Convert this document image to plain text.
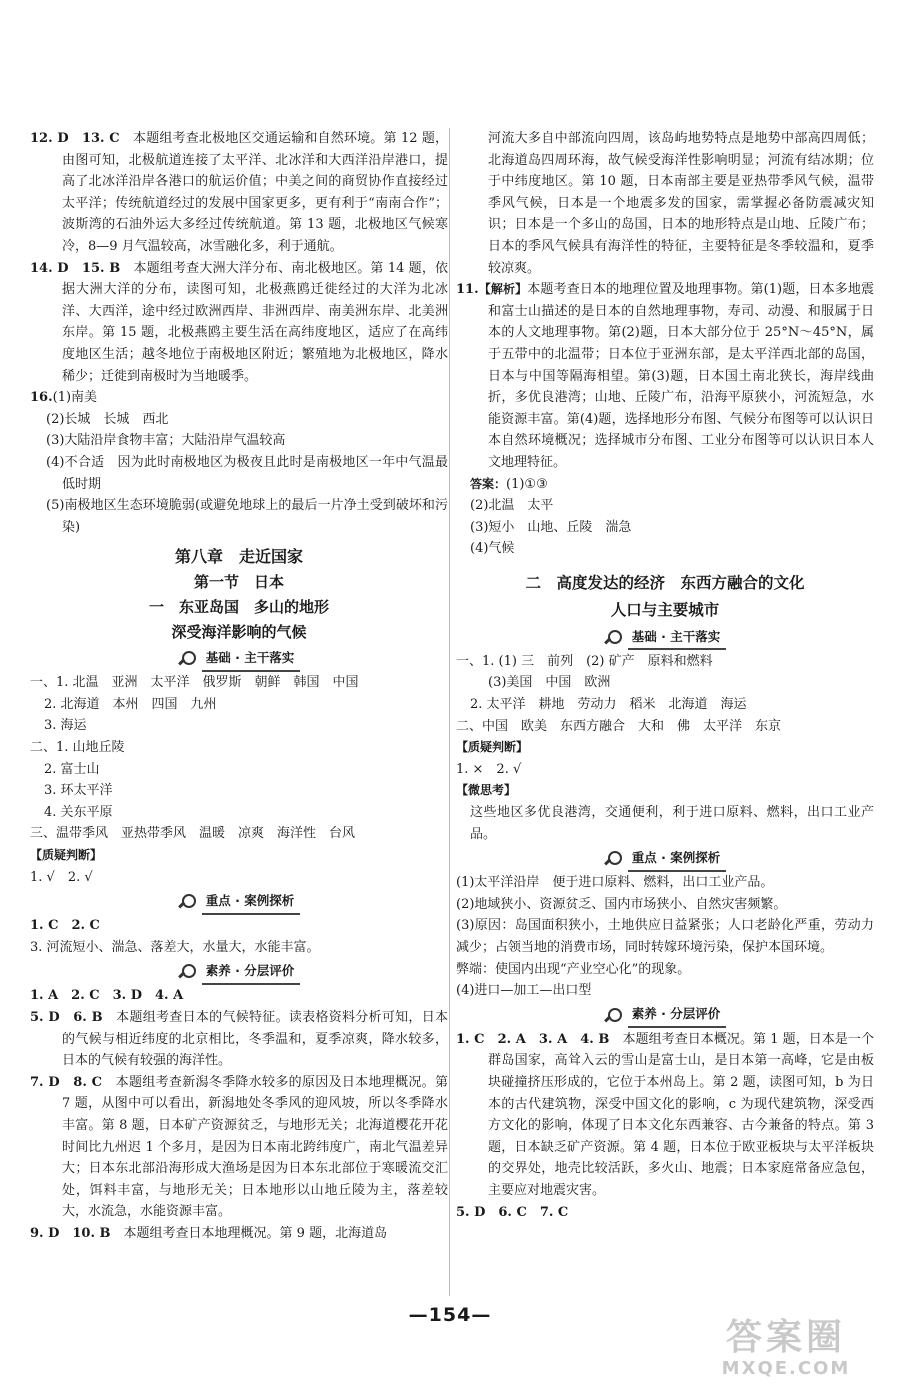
12. D　13. C　 本题组考查北极地区交通运输和自然环境。第 12 题，由图可知，北极航道连接了太平洋、北冰洋和大西洋沿岸港口，提高了北冰洋沿岸各港口的航运价值；中美之间的商贸协作直接经过太平洋；传统航道经过的发展中国家更多，更有利于“南南合作”；波斯湾的石油外运大多经过传统航道。第 13 题，北极地区气候寒冷，8—9 月气温较高，冰雪融化多，利于通航。

14. D　15. B　 本题组考查大洲大洋分布、南北极地区。第 14 题，依据大洲大洋的分布，读图可知，北极燕鸥迁徙经过的大洋为北冰洋、大西洋，途中经过欧洲西岸、非洲西岸、南美洲东岸、北美洲东岸。第 15 题，北极燕鸥主要生活在高纬度地区，适应了在高纬度地区生活；越冬地位于南极地区附近；繁殖地为北极地区，降水稀少；迁徙到南极时为当地暖季。

16.(1)南美

(2)长城　长城　西北

(3)大陆沿岸食物丰富；大陆沿岸气温较高

(4)不合适　因为此时南极地区为极夜且此时是南极地区一年中气温最低时期

(5)南极地区生态环境脆弱(或避免地球上的最后一片净土受到破坏和污染)

第八章　走近国家
第一节　日本
一　东亚岛国　多山的地形
深受海洋影响的气候
基础 · 主干落实

一、1. 北温　亚洲　太平洋　俄罗斯　朝鲜　韩国　中国

2. 北海道　本州　四国　九州

3. 海运

二、1. 山地丘陵

2. 富士山

3. 环太平洋

4. 关东平原

三、温带季风　亚热带季风　温暖　凉爽　海洋性　台风

【质疑判断】

1. √　2. √

重点 · 案例探析

1. C　2. C

3. 河流短小、湍急、落差大，水量大，水能丰富。

素养 · 分层评价

1. A　2. C　3. D　4. A

5. D　6. B　 本题组考查日本的气候特征。读表格资料分析可知，日本的气候与相近纬度的北京相比，冬季温和，夏季凉爽，降水较多，日本的气候有较强的海洋性。

7. D　8. C　 本题组考查新潟冬季降水较多的原因及日本地理概况。第 7 题，从图中可以看出，新潟地处冬季风的迎风坡，所以冬季降水丰富。第 8 题，日本矿产资源贫乏，与地形无关；北海道樱花开花时间比九州迟 1 个多月，是因为日本南北跨纬度广，南北气温差异大；日本东北部沿海形成大渔场是因为日本东北部位于寒暖流交汇处，饵料丰富，与地形无关；日本地形以山地丘陵为主，落差较大，水流急，水能资源丰富。

9. D　10. B　 本题组考查日本地理概况。第 9 题，北海道岛

河流大多自中部流向四周，该岛屿地势特点是地势中部高四周低；北海道岛四周环海，故气候受海洋性影响明显；河流有结冰期；位于中纬度地区。第 10 题，日本南部主要是亚热带季风气候，温带季风气候，日本是一个地震多发的国家，需掌握必备防震减灾知识；日本是一个多山的岛国，日本的地形特点是山地、丘陵广布；日本的季风气候具有海洋性的特征，主要特征是冬季较温和，夏季较凉爽。

11.【解析】本题考查日本的地理位置及地理事物。第(1)题，日本多地震和富士山描述的是日本的自然地理事物，寿司、动漫、和服属于日本的人文地理事物。第(2)题，日本大部分位于 25°N～45°N，属于五带中的北温带；日本位于亚洲东部，是太平洋西北部的岛国，日本与中国等隔海相望。第(3)题，日本国土南北狭长，海岸线曲折，多优良港湾；山地、丘陵广布，沿海平原狭小，河流短急，水能资源丰富。第(4)题，选择地形分布图、气候分布图等可以认识日本自然环境概况；选择城市分布图、工业分布图等可以认识日本人文地理特征。

答案：(1)①③

(2)北温　太平

(3)短小　山地、丘陵　湍急

(4)气候

二　高度发达的经济　东西方融合的文化
人口与主要城市
基础 · 主干落实

一、1. (1) 三　前列　(2) 矿产　原料和燃料

(3)美国　中国　欧洲

2. 太平洋　耕地　劳动力　稻米　北海道　海运

二、中国　欧美　东西方融合　大和　佛　太平洋　东京

【质疑判断】

1. ×　2. √

【微思考】

这些地区多优良港湾，交通便利，利于进口原料、燃料，出口工业产品。

重点 · 案例探析

(1)太平洋沿岸　便于进口原料、燃料，出口工业产品。

(2)地域狭小、资源贫乏、国内市场狭小、自然灾害频繁。

(3)原因：岛国面积狭小，土地供应日益紧张；人口老龄化严重，劳动力减少；占领当地的消费市场，同时转嫁环境污染，保护本国环境。

弊端：使国内出现“产业空心化”的现象。

(4)进口—加工—出口型

素养 · 分层评价

1. C　2. A　3. A　4. B　 本题组考查日本概况。第 1 题，日本是一个群岛国家，高耸入云的雪山是富士山，是日本第一高峰，它是由板块碰撞挤压形成的，它位于本州岛上。第 2 题，读图可知，b 为日本的古代建筑物，深受中国文化的影响，c 为现代建筑物，深受西方文化的影响，体现了日本文化东西兼容、古今兼备的特点。第 3 题，日本缺乏矿产资源。第 4 题，日本位于欧亚板块与太平洋板块的交界处，地壳比较活跃，多火山、地震；日本家庭常备应急包，主要应对地震灾害。

5. D　6. C　7. C

—154—
答案圈
MXQE.COM
